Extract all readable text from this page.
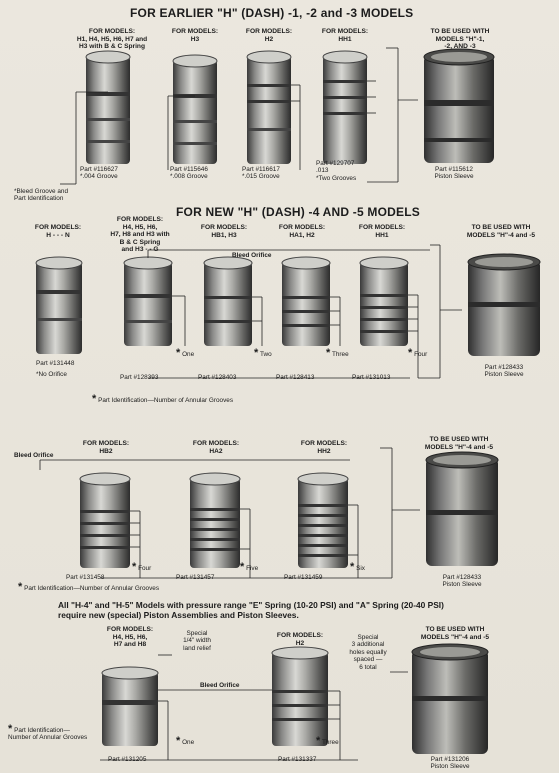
FOR EARLIER "H" (DASH) -1, -2 and -3 MODELS
FOR MODELS:
H1, H4, H5, H6, H7 and
H3 with B & C Spring
FOR MODELS:
H3
FOR MODELS:
H2
FOR MODELS:
HH1
TO BE USED WITH
MODELS "H"-1,
-2, AND -3
Part #116627
*.004 Groove
Part #115646
*.008 Groove
Part #116617
*.015 Groove
Part #129707
.013
*Two Grooves
Part #115612
Piston Sleeve
*Bleed Groove and
Part Identification
FOR NEW "H" (DASH) -4 AND -5 MODELS
FOR MODELS:
H - - - N
FOR MODELS:
H4, H5, H6,
H7, H8 and H3 with
B & C Spring
and H3 - - G
FOR MODELS:
HB1, H3
FOR MODELS:
HA1, H2
FOR MODELS:
HH1
TO BE USED WITH
MODELS "H"-4 and -5
Bleed Orifice
* One	* Two	* Three	* Four
Part #131448
*No Orifice	Part #128393	Part #128403	Part #128413	Part #131013
Part #128433
Piston Sleeve
* Part Identification—Number of Annular Grooves
FOR MODELS:
HB2
FOR MODELS:
HA2
FOR MODELS:
HH2
TO BE USED WITH
MODELS "H"-4 and -5
Bleed Orifice
* Four	* Five	* Six
Part #131458	Part #131457	Part #131459	Part #128433
Piston Sleeve
* Part Identification—Number of Annular Grooves
All "H-4" and "H-5" Models with pressure range "E" Spring (10-20 PSI) and "A" Spring (20-40 PSI)
require new (special) Piston Assemblies and Piston Sleeves.
FOR MODELS:
H4, H5, H6,
H7 and H8
FOR MODELS:
H2
TO BE USED WITH
MODELS "H"-4 and -5
Special
1/4" width
land relief
Special
3 additional
holes equally
spaced —
6 total
Bleed Orifice
* Part Identification—
Number of Annular Grooves	* One	* Three
Part #131205	Part #131337	Part #131206
Piston Sleeve
